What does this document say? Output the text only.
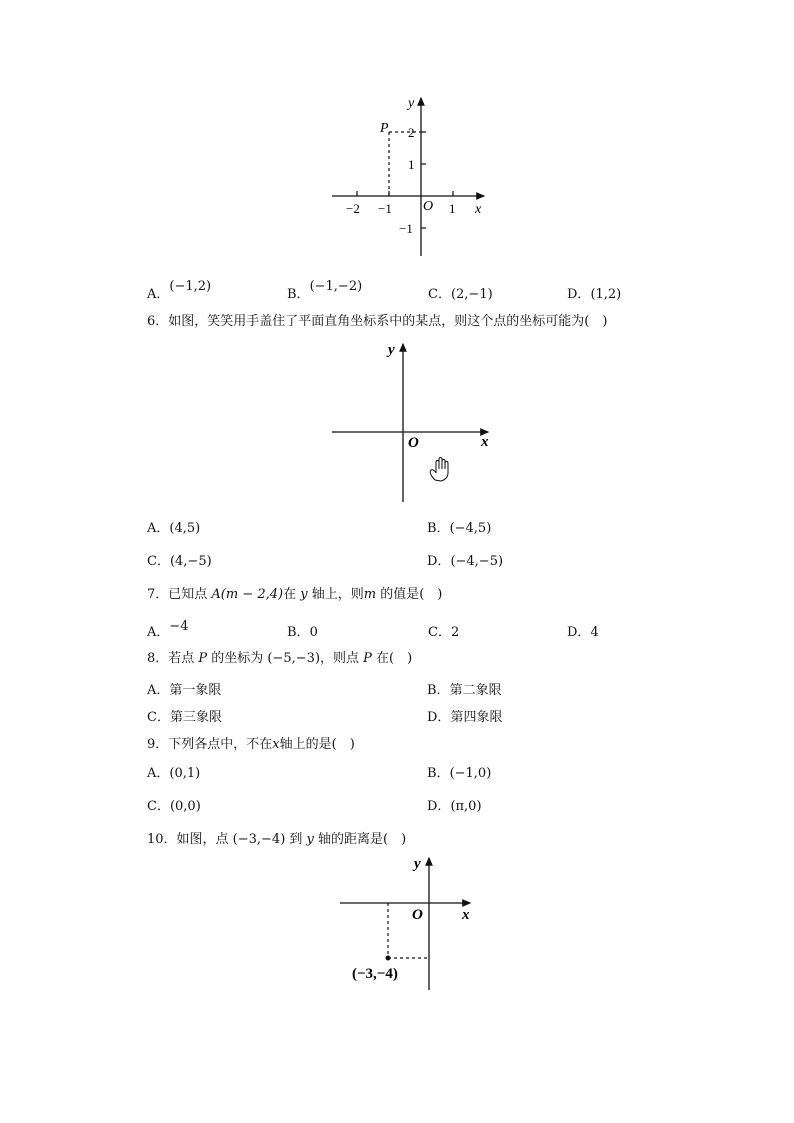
P
y
x
O
−2 −1	1
2
1
−1
A．(−1,2)
B．(−1,−2)
C．(2,−1)	D．(1,2)
6．如图，笑笑用手盖住了平面直角坐标系中的某点，则这个点的坐标可能为(　)
y
x
O
A．(4,5)	B．(−4,5)
C．(4,−5)	D．(−4,−5)
7．已知点 A(m − 2,4)在 y 轴上，则m 的值是(　)
A．−4	B．0	C．2	D．4
8．若点 P 的坐标为 (−5,−3)，则点 P 在(　)
A．第一象限	B．第二象限
C．第三象限	D．第四象限
9．下列各点中，不在x轴上的是(　)
A．(0,1)	B．(−1,0)
C．(0,0)	D．(π,0)
10．如图，点 (−3,−4) 到 y 轴的距离是(　)
y
x
O
(−3,−4)
